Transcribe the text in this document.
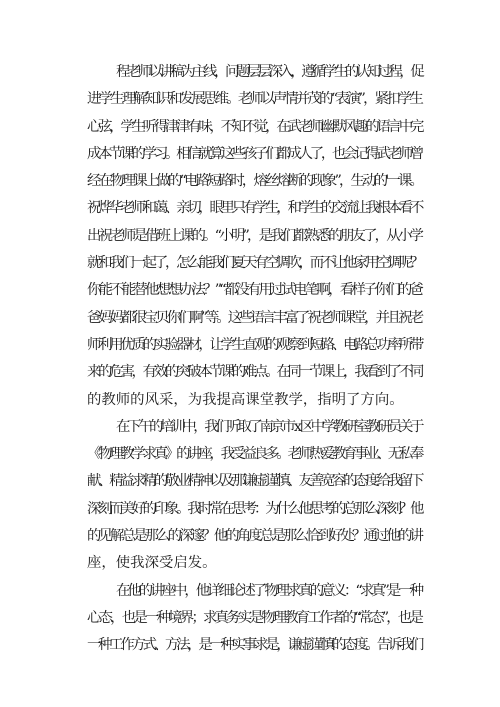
程老师以讲稿为主线，问题层层深入，遵循学生的认知过程，促
进学生理解知识和发展思维。老师以声情并茂的“表演”，紧扣学生
心弦，学生听得津津有味，不知不觉，在武老师幽默风趣的语言中完
成本节课的学习。相信就算这些孩子们都成人了，也会记得武老师曾
经在物理课上做的“电路短路时，熔丝熔断的现象”，生动的'一课。
祝烨华老师和蔼、亲切，眼里只有学生，和学生的交流让我根本看不
出祝老师是借班上课的。“小明”，是我们都熟悉的朋友了，从小学
就和我们一起了，怎么能我们夏天有空调吹，而不让他家用空调呢？
你能不能替他想想办法？”“都没有用过试电笔啊，看样子你们的爸
爸妈妈都很宝贝你们啊”等。这些语言丰富了祝老师课堂，并且祝老
师利用优质的实验器材，让学生直观的观察到短路、电路总功率所带
来的危害，有效的突破本节课的难点。在同一节课上，我看到了不同
的教师的风采，为我提高课堂教学，指明了方向。
在下午的培训中，我们听取了南京市 x 区中学教研室教研员关于
《物理教学求真》的讲座，我受益良多。老师热爱教育事业、无私奉
献、精益求精的敬业精神以及那谦虚谨慎、友善宽容的态度给我留下
深刻而美好的印象。我时常在思考：为什么他思考的总那么深刻？他
的见解总是那么的深邃？他的角度总是那么恰到好处？通过他的讲
座，使我深受启发。
在他的讲座中，他详细论述了物理求真的意义：“求真”是一种
心态，也是一种境界；求真务实是物理教育工作者的“常态”，也是
一种工作方式、方法，是一种实事求是，谦虚谨慎的态度。告诉我们
